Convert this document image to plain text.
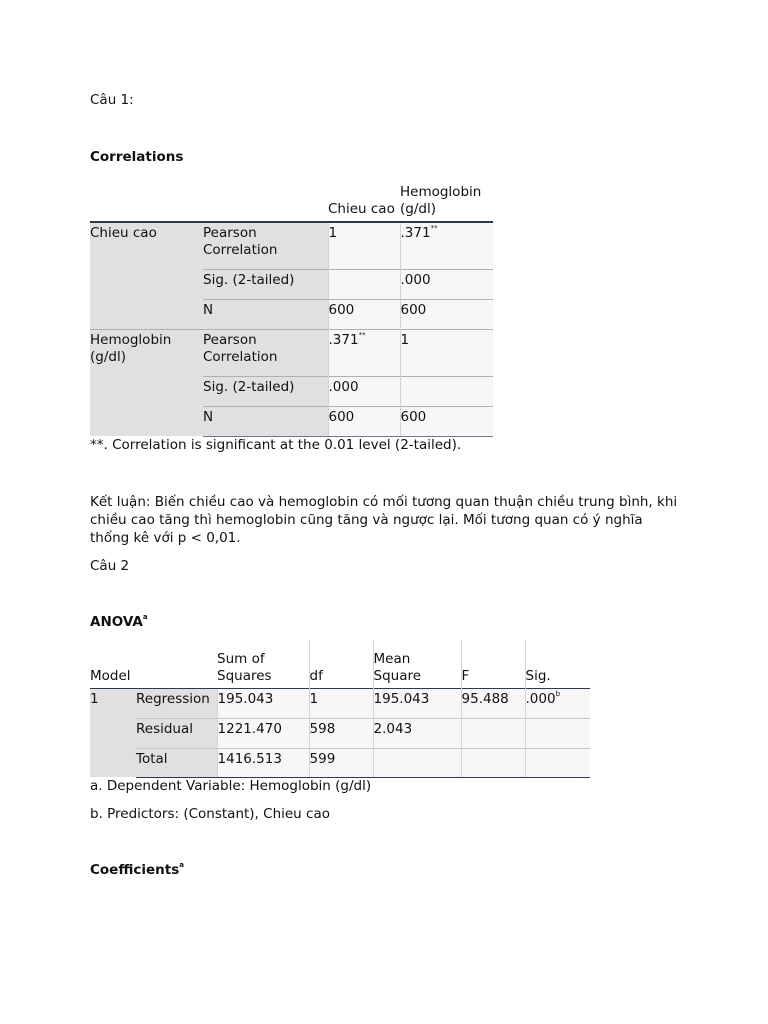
Câu 1:
Correlations
		Chieu cao	Hemoglobin (g/dl)
Chieu cao	Pearson Correlation	1	.371**
	Sig. (2-tailed)		.000
	N	600	600
Hemoglobin (g/dl)	Pearson Correlation	.371**	1
	Sig. (2-tailed)	.000	
	N	600	600
**. Correlation is significant at the 0.01 level (2-tailed).
Kết luận: Biến chiều cao và hemoglobin có mối tương quan thuận chiều trung bình, khi chiều cao tăng thì hemoglobin cũng tăng và ngược lại. Mối tương quan có ý nghĩa thống kê với p < 0,01.
Câu 2
ANOVA$^a$
Model		Sum of Squares	df	Mean Square	F	Sig.
1	Regression	195.043	1	195.043	95.488	.000$^b$
	Residual	1221.470	598	2.043		
	Total	1416.513	599			
a. Dependent Variable: Hemoglobin (g/dl)
b. Predictors: (Constant), Chieu cao
Coefficients$^a$
